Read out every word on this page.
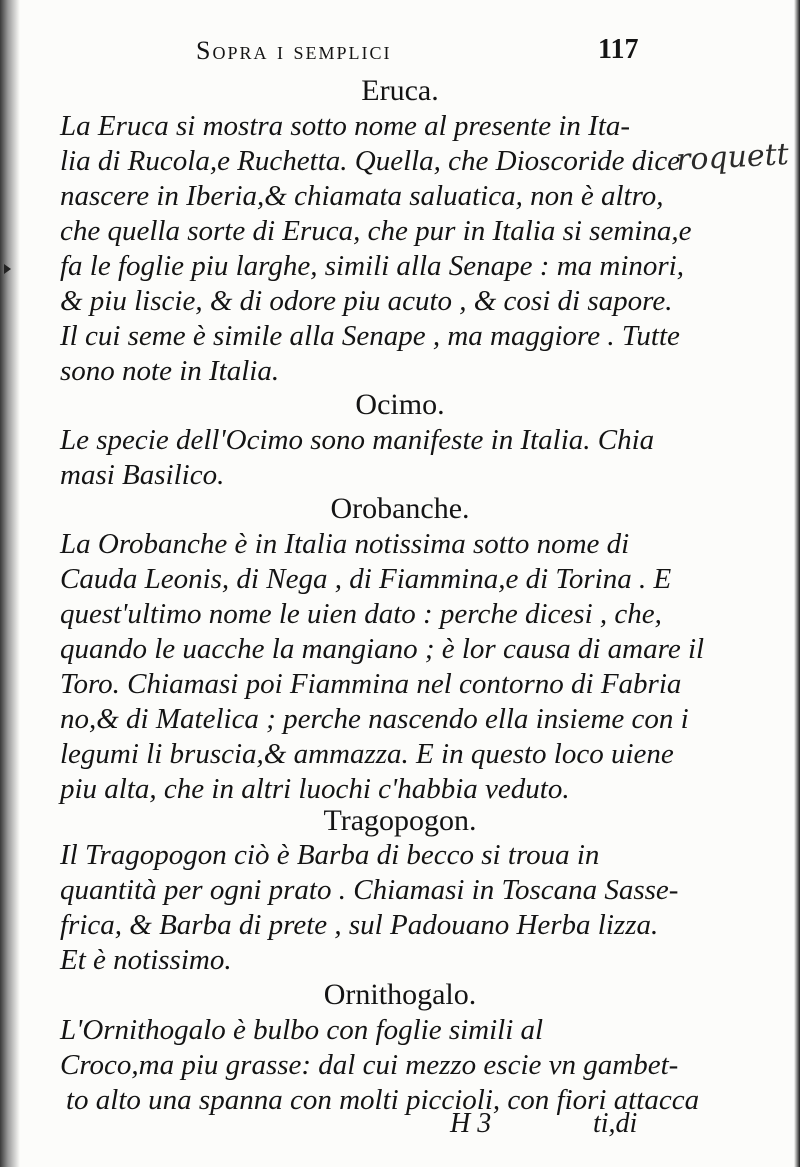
Sopra i semplici	117
roquett
Eruca.
La Eruca si mostra sotto nome al presente in Ita-
lia di Rucola,e Ruchetta. Quella, che Dioscoride dice
nascere in Iberia,& chiamata saluatica, non è altro,
che quella sorte di Eruca, che pur in Italia si semina,e
fa le foglie piu larghe, simili alla Senape : ma minori,
& piu liscie, & di odore piu acuto , & cosi di sapore.
Il cui seme è simile alla Senape , ma maggiore . Tutte
sono note in Italia.
Ocimo.
Le specie dell'Ocimo sono manifeste in Italia. Chia
masi Basilico.
Orobanche.
La Orobanche è in Italia notissima sotto nome di
Cauda Leonis, di Nega , di Fiammina,e di Torina . E
quest'ultimo nome le uien dato : perche dicesi , che,
quando le uacche la mangiano ; è lor causa di amare il
Toro. Chiamasi poi Fiammina nel contorno di Fabria
no,& di Matelica ; perche nascendo ella insieme con i
legumi li bruscia,& ammazza. E in questo loco uiene
piu alta, che in altri luochi c'habbia veduto.
Tragopogon.
Il Tragopogon ciò è Barba di becco si troua in
quantità per ogni prato . Chiamasi in Toscana Sasse-
frica, & Barba di prete , sul Padouano Herba lizza.
Et è notissimo.
Ornithogalo.
L'Ornithogalo è bulbo con foglie simili al
Croco,ma piu grasse: dal cui mezzo escie vn gambet-
to alto una spanna con molti piccioli, con fiori attacca
H 3	ti,di
